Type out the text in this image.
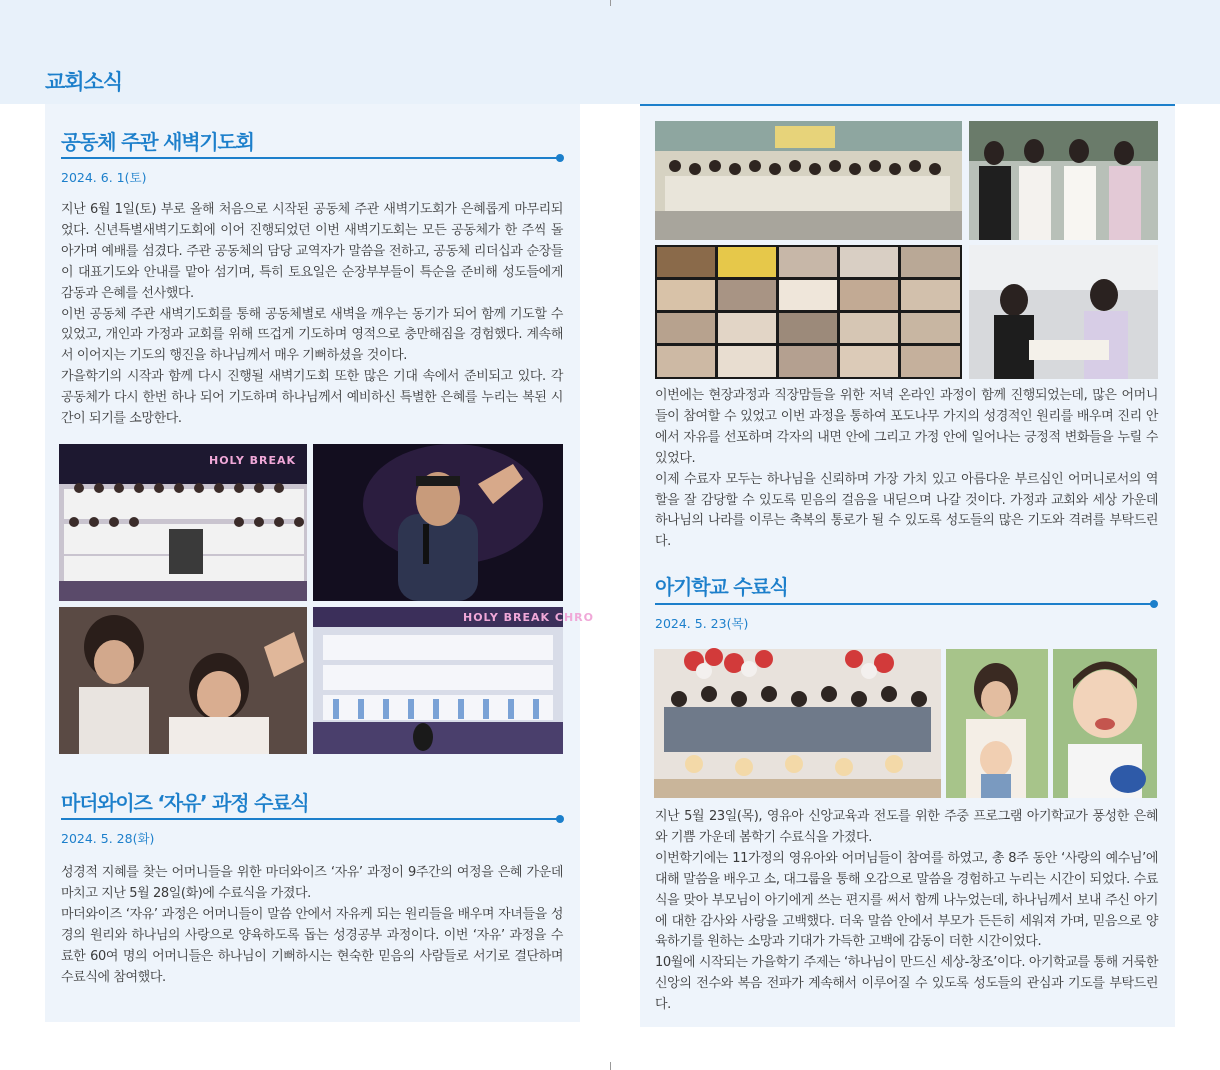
교회소식
공동체 주관 새벽기도회
2024. 6. 1(토)

지난 6월 1일(토) 부로 올해 처음으로 시작된 공동체 주관 새벽기도회가 은혜롭게 마무리되었다. 신년특별새벽기도회에 이어 진행되었던 이번 새벽기도회는 모든 공동체가 한 주씩 돌아가며 예배를 섬겼다. 주관 공동체의 담당 교역자가 말씀을 전하고, 공동체 리더십과 순장들이 대표기도와 안내를 맡아 섬기며, 특히 토요일은 순장부부들이 특순을 준비해 성도들에게 감동과 은혜를 선사했다.

이번 공동체 주관 새벽기도회를 통해 공동체별로 새벽을 깨우는 동기가 되어 함께 기도할 수 있었고, 개인과 가정과 교회를 위해 뜨겁게 기도하며 영적으로 충만해짐을 경험했다. 계속해서 이어지는 기도의 행진을 하나님께서 매우 기뻐하셨을 것이다.

가을학기의 시작과 함께 다시 진행될 새벽기도회 또한 많은 기대 속에서 준비되고 있다. 각 공동체가 다시 한번 하나 되어 기도하며 하나님께서 예비하신 특별한 은혜를 누리는 복된 시간이 되기를 소망한다.

HOLY BREAK
HOLY BREAK CHRO
마더와이즈 ‘자유’ 과정 수료식
2024. 5. 28(화)

성경적 지혜를 찾는 어머니들을 위한 마더와이즈 ‘자유’ 과정이 9주간의 여정을 은혜 가운데 마치고 지난 5월 28일(화)에 수료식을 가졌다.

마더와이즈 ‘자유’ 과정은 어머니들이 말씀 안에서 자유케 되는 원리들을 배우며 자녀들을 성경의 원리와 하나님의 사랑으로 양육하도록 돕는 성경공부 과정이다. 이번 ‘자유’ 과정을 수료한 60여 명의 어머니들은 하나님이 기뻐하시는 현숙한 믿음의 사람들로 서기로 결단하며 수료식에 참여했다.

이번에는 현장과정과 직장맘들을 위한 저녁 온라인 과정이 함께 진행되었는데, 많은 어머니들이 참여할 수 있었고 이번 과정을 통하여 포도나무 가지의 성경적인 원리를 배우며 진리 안에서 자유를 선포하며 각자의 내면 안에 그리고 가정 안에 일어나는 긍정적 변화들을 누릴 수 있었다.

이제 수료자 모두는 하나님을 신뢰하며 가장 가치 있고 아름다운 부르심인 어머니로서의 역할을 잘 감당할 수 있도록 믿음의 걸음을 내딛으며 나갈 것이다. 가정과 교회와 세상 가운데 하나님의 나라를 이루는 축복의 통로가 될 수 있도록 성도들의 많은 기도와 격려를 부탁드린다.

아기학교 수료식
2024. 5. 23(목)

지난 5월 23일(목), 영유아 신앙교육과 전도를 위한 주중 프로그램 아기학교가 풍성한 은혜와 기쁨 가운데 봄학기 수료식을 가졌다.

이번학기에는 11가정의 영유아와 어머님들이 참여를 하였고, 총 8주 동안 ‘사랑의 예수님’에 대해 말씀을 배우고 소, 대그룹을 통해 오감으로 말씀을 경험하고 누리는 시간이 되었다. 수료식을 맞아 부모님이 아기에게 쓰는 편지를 써서 함께 나누었는데, 하나님께서 보내 주신 아기에 대한 감사와 사랑을 고백했다. 더욱 말씀 안에서 부모가 든든히 세워져 가며, 믿음으로 양육하기를 원하는 소망과 기대가 가득한 고백에 감동이 더한 시간이었다.

10월에 시작되는 가을학기 주제는 ‘하나님이 만드신 세상-창조’이다. 아기학교를 통해 거룩한 신앙의 전수와 복음 전파가 계속해서 이루어질 수 있도록 성도들의 관심과 기도를 부탁드린다.
